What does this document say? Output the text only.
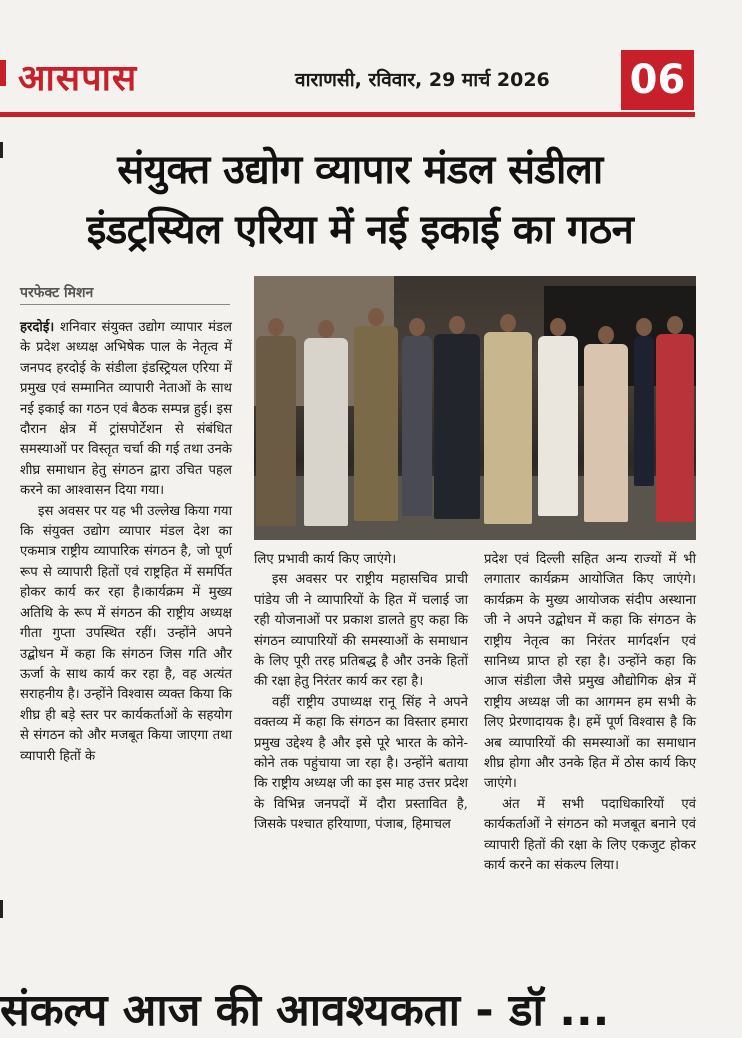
आसपास	वाराणसी, रविवार, 29 मार्च 2026 06
संयुक्त उद्योग व्यापार मंडल संडीला
इंडट्रस्यिल एरिया में नई इकाई का गठन
परफेक्ट मिशन

हरदोई। शनिवार संयुक्त उद्योग व्यापार मंडल के प्रदेश अध्यक्ष अभिषेक पाल के नेतृत्व में जनपद हरदोई के संडीला इंडस्ट्रियल एरिया में प्रमुख एवं सम्मानित व्यापारी नेताओं के साथ नई इकाई का गठन एवं बैठक सम्पन्न हुई। इस दौरान क्षेत्र में ट्रांसपोर्टेशन से संबंधित समस्याओं पर विस्तृत चर्चा की गई तथा उनके शीघ्र समाधान हेतु संगठन द्वारा उचित पहल करने का आश्वासन दिया गया।

इस अवसर पर यह भी उल्लेख किया गया कि संयुक्त उद्योग व्यापार मंडल देश का एकमात्र राष्ट्रीय व्यापारिक संगठन है, जो पूर्ण रूप से व्यापारी हितों एवं राष्ट्रहित में समर्पित होकर कार्य कर रहा है।कार्यक्रम में मुख्य अतिथि के रूप में संगठन की राष्ट्रीय अध्यक्ष गीता गुप्ता उपस्थित रहीं। उन्होंने अपने उद्बोधन में कहा कि संगठन जिस गति और ऊर्जा के साथ कार्य कर रहा है, वह अत्यंत सराहनीय है। उन्होंने विश्वास व्यक्त किया कि शीघ्र ही बड़े स्तर पर कार्यकर्ताओं के सहयोग से संगठन को और मजबूत किया जाएगा तथा व्यापारी हितों के

लिए प्रभावी कार्य किए जाएंगे।

इस अवसर पर राष्ट्रीय महासचिव प्राची पांडेय जी ने व्यापारियों के हित में चलाई जा रही योजनाओं पर प्रकाश डालते हुए कहा कि संगठन व्यापारियों की समस्याओं के समाधान के लिए पूरी तरह प्रतिबद्ध है और उनके हितों की रक्षा हेतु निरंतर कार्य कर रहा है।

वहीं राष्ट्रीय उपाध्यक्ष रानू सिंह ने अपने वक्तव्य में कहा कि संगठन का विस्तार हमारा प्रमुख उद्देश्य है और इसे पूरे भारत के कोने-कोने तक पहुंचाया जा रहा है। उन्होंने बताया कि राष्ट्रीय अध्यक्ष जी का इस माह उत्तर प्रदेश के विभिन्न जनपदों में दौरा प्रस्तावित है, जिसके पश्चात हरियाणा, पंजाब, हिमाचल

प्रदेश एवं दिल्ली सहित अन्य राज्यों में भी लगातार कार्यक्रम आयोजित किए जाएंगे। कार्यक्रम के मुख्य आयोजक संदीप अस्थाना जी ने अपने उद्बोधन में कहा कि संगठन के राष्ट्रीय नेतृत्व का निरंतर मार्गदर्शन एवं सानिध्य प्राप्त हो रहा है। उन्होंने कहा कि आज संडीला जैसे प्रमुख औद्योगिक क्षेत्र में राष्ट्रीय अध्यक्ष जी का आगमन हम सभी के लिए प्रेरणादायक है। हमें पूर्ण विश्वास है कि अब व्यापारियों की समस्याओं का समाधान शीघ्र होगा और उनके हित में ठोस कार्य किए जाएंगे।

अंत में सभी पदाधिकारियों एवं कार्यकर्ताओं ने संगठन को मजबूत बनाने एवं व्यापारी हितों की रक्षा के लिए एकजुट होकर कार्य करने का संकल्प लिया।

संकल्प आज की आवश्यकता - डॉ ...
